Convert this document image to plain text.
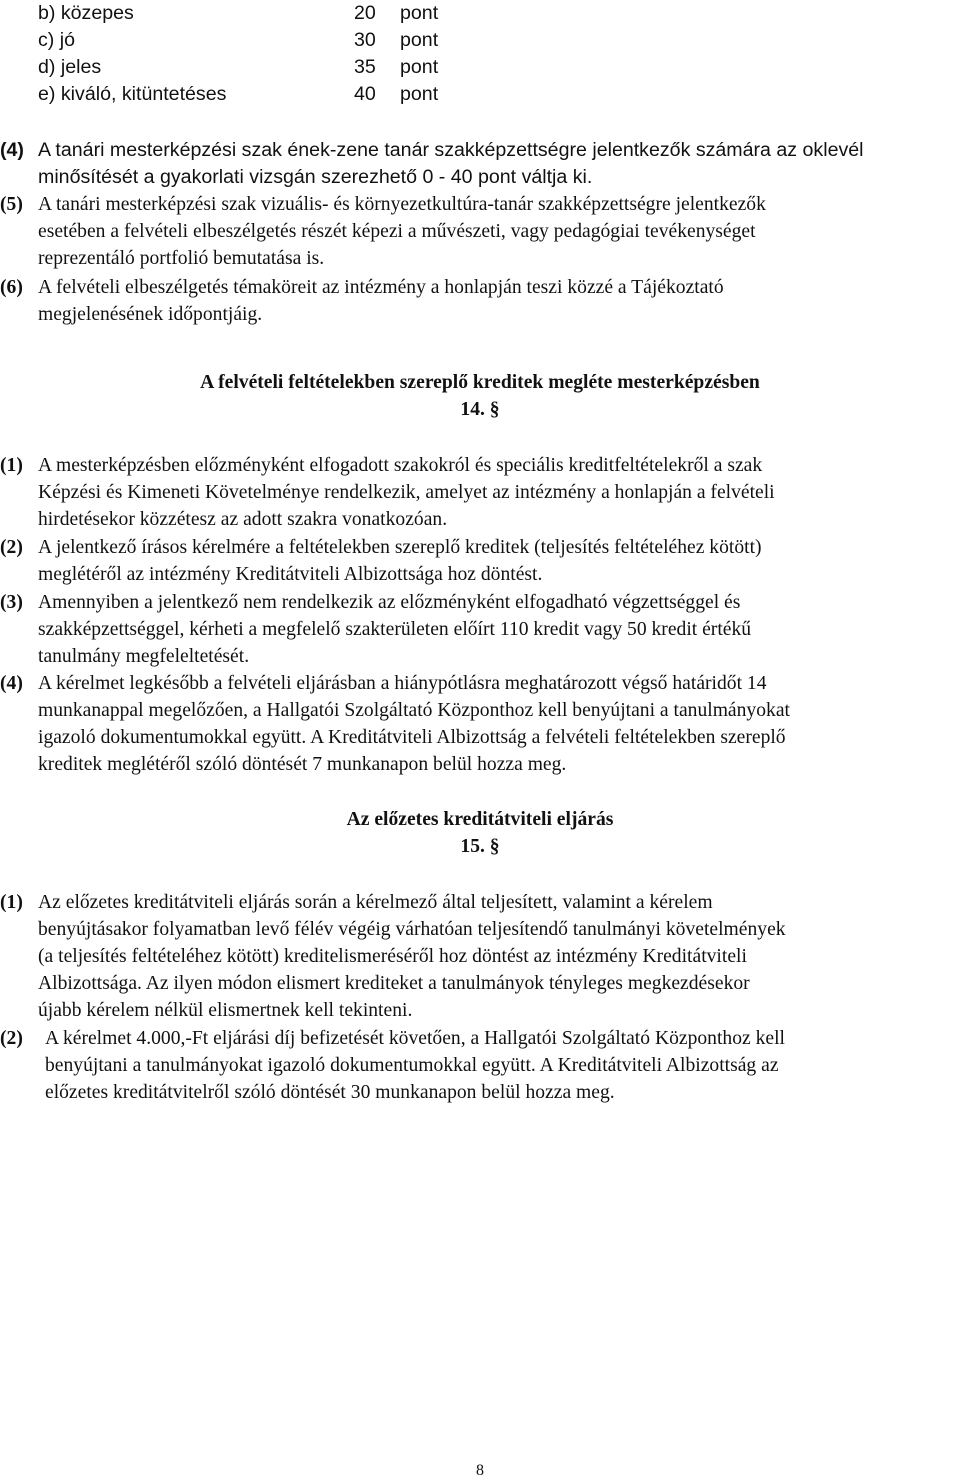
b) közepes	20 pont
c) jó	30 pont
d) jeles	35 pont
e) kiváló, kitüntetéses	40 pont
(4) A tanári mesterképzési szak ének-zene tanár szakképzettségre jelentkezők számára az oklevél
minősítését a gyakorlati vizsgán szerezhető 0 - 40 pont váltja ki.
(5) A tanári mesterképzési szak vizuális- és környezetkultúra-tanár szakképzettségre jelentkezők
esetében a felvételi elbeszélgetés részét képezi a művészeti, vagy pedagógiai tevékenységet
reprezentáló portfolió bemutatása is.
(6) A felvételi elbeszélgetés témaköreit az intézmény a honlapján teszi közzé a Tájékoztató
megjelenésének időpontjáig.
A felvételi feltételekben szereplő kreditek megléte mesterképzésben
14. §
(1) A mesterképzésben előzményként elfogadott szakokról és speciális kreditfeltételekről a szak
Képzési és Kimeneti Követelménye rendelkezik, amelyet az intézmény a honlapján a felvételi
hirdetésekor közzétesz az adott szakra vonatkozóan.
(2) A jelentkező írásos kérelmére a feltételekben szereplő kreditek (teljesítés feltételéhez kötött)
meglétéről az intézmény Kreditátviteli Albizottsága hoz döntést.
(3) Amennyiben a jelentkező nem rendelkezik az előzményként elfogadható végzettséggel és
szakképzettséggel, kérheti a megfelelő szakterületen előírt 110 kredit vagy 50 kredit értékű
tanulmány megfeleltetését.
(4) A kérelmet legkésőbb a felvételi eljárásban a hiánypótlásra meghatározott végső határidőt 14
munkanappal megelőzően, a Hallgatói Szolgáltató Központhoz kell benyújtani a tanulmányokat
igazoló dokumentumokkal együtt. A Kreditátviteli Albizottság a felvételi feltételekben szereplő
kreditek meglétéről szóló döntését 7 munkanapon belül hozza meg.
Az előzetes kreditátviteli eljárás
15. §
(1) Az előzetes kreditátviteli eljárás során a kérelmező által teljesített, valamint a kérelem
benyújtásakor folyamatban levő félév végéig várhatóan teljesítendő tanulmányi követelmények
(a teljesítés feltételéhez kötött) kreditelismeréséről hoz döntést az intézmény Kreditátviteli
Albizottsága. Az ilyen módon elismert krediteket a tanulmányok tényleges megkezdésekor
újabb kérelem nélkül elismertnek kell tekinteni.
(2) A kérelmet 4.000,-Ft eljárási díj befizetését követően, a Hallgatói Szolgáltató Központhoz kell
benyújtani a tanulmányokat igazoló dokumentumokkal együtt. A Kreditátviteli Albizottság az
előzetes kreditátvitelről szóló döntését 30 munkanapon belül hozza meg.
8
